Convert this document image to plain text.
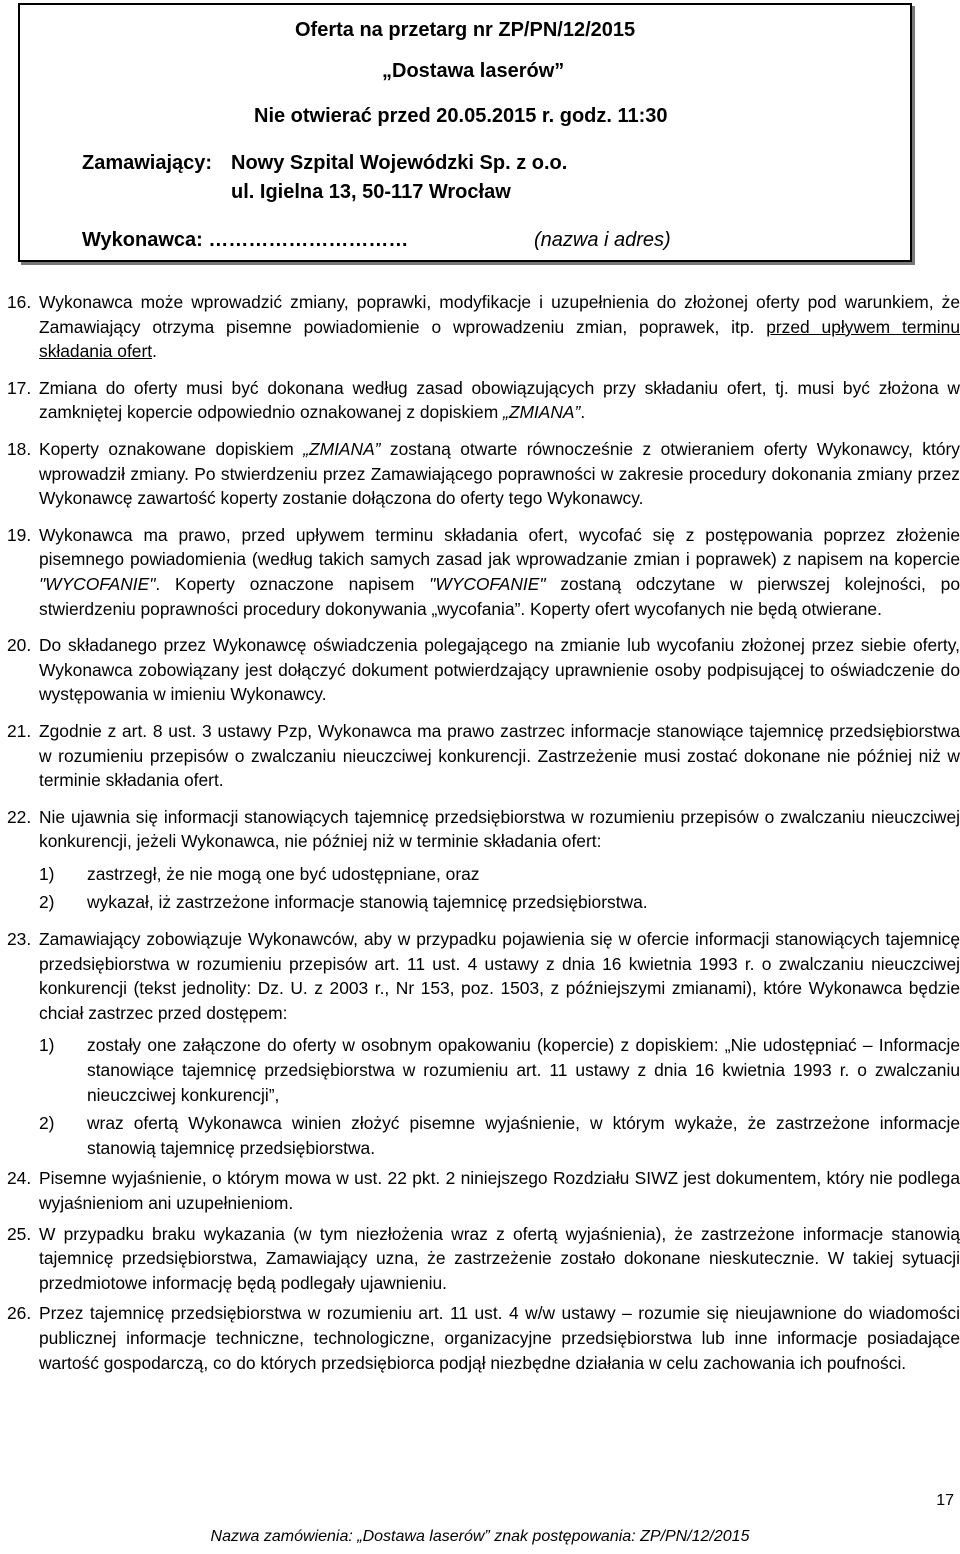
Oferta na przetarg nr ZP/PN/12/2015
„Dostawa laserów”
Nie otwierać przed 20.05.2015 r. godz. 11:30
Zamawiający: Nowy Szpital Wojewódzki Sp. z o.o.
ul. Igielna 13, 50-117 Wrocław
Wykonawca: …………………………	(nazwa i adres)
16. Wykonawca może wprowadzić zmiany, poprawki, modyfikacje i uzupełnienia do złożonej oferty pod warunkiem, że Zamawiający otrzyma pisemne powiadomienie o wprowadzeniu zmian, poprawek, itp. przed upływem terminu składania ofert.

17. Zmiana do oferty musi być dokonana według zasad obowiązujących przy składaniu ofert, tj. musi być złożona w zamkniętej kopercie odpowiednio oznakowanej z dopiskiem „ZMIANA”.

18. Koperty oznakowane dopiskiem „ZMIANA” zostaną otwarte równocześnie z otwieraniem oferty Wykonawcy, który wprowadził zmiany. Po stwierdzeniu przez Zamawiającego poprawności w zakresie procedury dokonania zmiany przez Wykonawcę zawartość koperty zostanie dołączona do oferty tego Wykonawcy.

19. Wykonawca ma prawo, przed upływem terminu składania ofert, wycofać się z postępowania poprzez złożenie pisemnego powiadomienia (według takich samych zasad jak wprowadzanie zmian i poprawek) z napisem na kopercie "WYCOFANIE". Koperty oznaczone napisem "WYCOFANIE" zostaną odczytane w pierwszej kolejności, po stwierdzeniu poprawności procedury dokonywania „wycofania”. Koperty ofert wycofanych nie będą otwierane.

20. Do składanego przez Wykonawcę oświadczenia polegającego na zmianie lub wycofaniu złożonej przez siebie oferty, Wykonawca zobowiązany jest dołączyć dokument potwierdzający uprawnienie osoby podpisującej to oświadczenie do występowania w imieniu Wykonawcy.

21. Zgodnie z art. 8 ust. 3 ustawy Pzp, Wykonawca ma prawo zastrzec informacje stanowiące tajemnicę przedsiębiorstwa w rozumieniu przepisów o zwalczaniu nieuczciwej konkurencji. Zastrzeżenie musi zostać dokonane nie później niż w terminie składania ofert.

22. Nie ujawnia się informacji stanowiących tajemnicę przedsiębiorstwa w rozumieniu przepisów o zwalczaniu nieuczciwej konkurencji, jeżeli Wykonawca, nie później niż w terminie składania ofert:

1) zastrzegł, że nie mogą one być udostępniane, oraz

2) wykazał, iż zastrzeżone informacje stanowią tajemnicę przedsiębiorstwa.

23. Zamawiający zobowiązuje Wykonawców, aby w przypadku pojawienia się w ofercie informacji stanowiących tajemnicę przedsiębiorstwa w rozumieniu przepisów art. 11 ust. 4 ustawy z dnia 16 kwietnia 1993 r. o zwalczaniu nieuczciwej konkurencji (tekst jednolity: Dz. U. z 2003 r., Nr 153, poz. 1503, z późniejszymi zmianami), które Wykonawca będzie chciał zastrzec przed dostępem:

1) zostały one załączone do oferty w osobnym opakowaniu (kopercie) z dopiskiem: „Nie udostępniać – Informacje stanowiące tajemnicę przedsiębiorstwa w rozumieniu art. 11 ustawy z dnia 16 kwietnia 1993 r. o zwalczaniu nieuczciwej konkurencji”,

2) wraz ofertą Wykonawca winien złożyć pisemne wyjaśnienie, w którym wykaże, że zastrzeżone informacje stanowią tajemnicę przedsiębiorstwa.

24. Pisemne wyjaśnienie, o którym mowa w ust. 22 pkt. 2 niniejszego Rozdziału SIWZ jest dokumentem, który nie podlega wyjaśnieniom ani uzupełnieniom.

25. W przypadku braku wykazania (w tym niezłożenia wraz z ofertą wyjaśnienia), że zastrzeżone informacje stanowią tajemnicę przedsiębiorstwa, Zamawiający uzna, że zastrzeżenie zostało dokonane nieskutecznie. W takiej sytuacji przedmiotowe informację będą podlegały ujawnieniu.

26. Przez tajemnicę przedsiębiorstwa w rozumieniu art. 11 ust. 4 w/w ustawy – rozumie się nieujawnione do wiadomości publicznej informacje techniczne, technologiczne, organizacyjne przedsiębiorstwa lub inne informacje posiadające wartość gospodarczą, co do których przedsiębiorca podjął niezbędne działania w celu zachowania ich poufności.

17
Nazwa zamówienia: „Dostawa laserów” znak postępowania: ZP/PN/12/2015
